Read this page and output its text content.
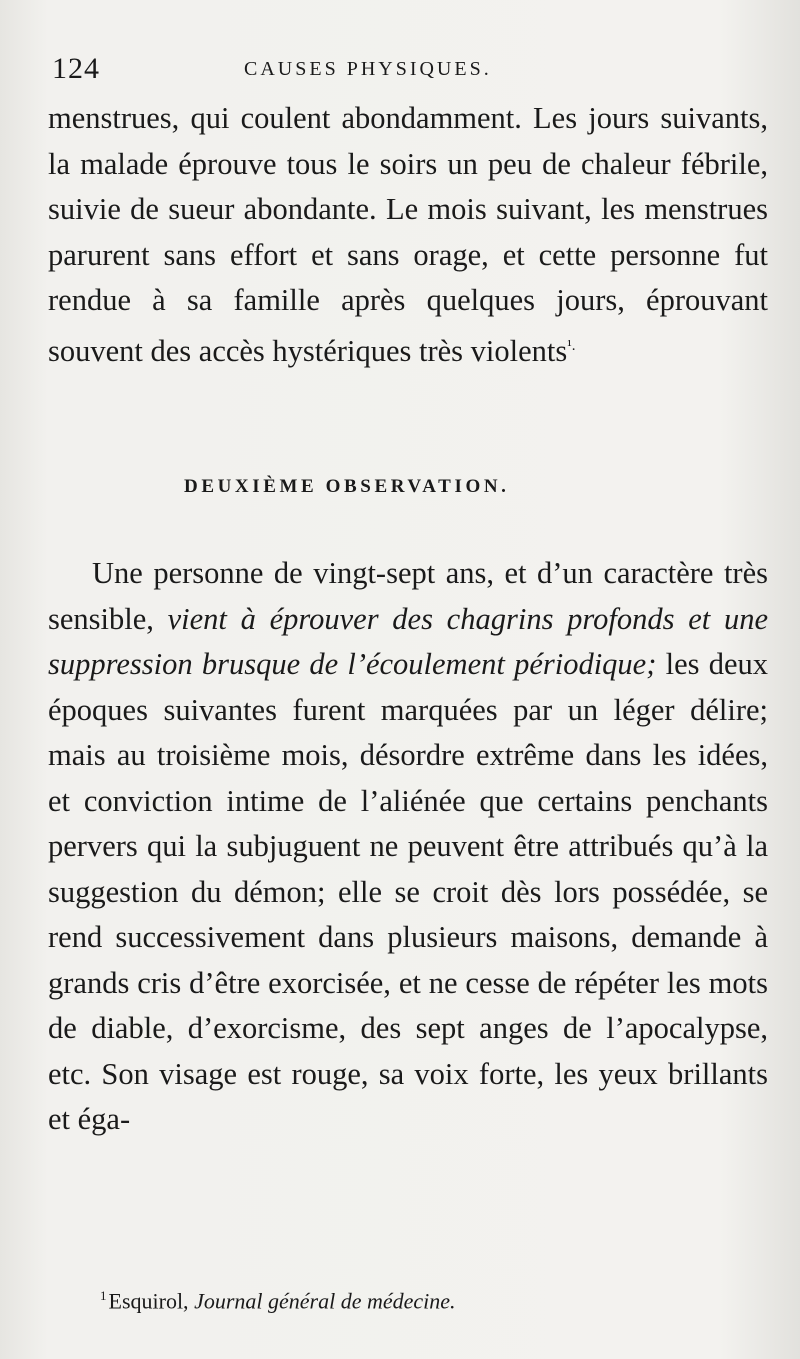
124	CAUSES PHYSIQUES.

menstrues, qui coulent abondamment. Les jours suivants, la malade éprouve tous le soirs un peu de chaleur fébrile, suivie de sueur abondante. Le mois suivant, les menstrues parurent sans effort et sans orage, et cette personne fut rendue à sa famille après quelques jours, éprouvant souvent des accès hystériques très violents$^{^1.}$

DEUXIÈME OBSERVATION.

Une personne de vingt-sept ans, et d’un caractère très sensible, vient à éprouver des chagrins profonds et une suppression brusque de l’écoulement périodique; les deux époques suivantes furent marquées par un léger délire; mais au troisième mois, désordre extrême dans les idées, et conviction intime de l’aliénée que certains penchants pervers qui la subjuguent ne peuvent être attribués qu’à la suggestion du démon; elle se croit dès lors possédée, se rend successivement dans plusieurs maisons, demande à grands cris d’être exorcisée, et ne cesse de répéter les mots de diable, d’exorcisme, des sept anges de l’apocalypse, etc. Son visage est rouge, sa voix forte, les yeux brillants et éga-

$^1$Esquirol, Journal général de médecine.
